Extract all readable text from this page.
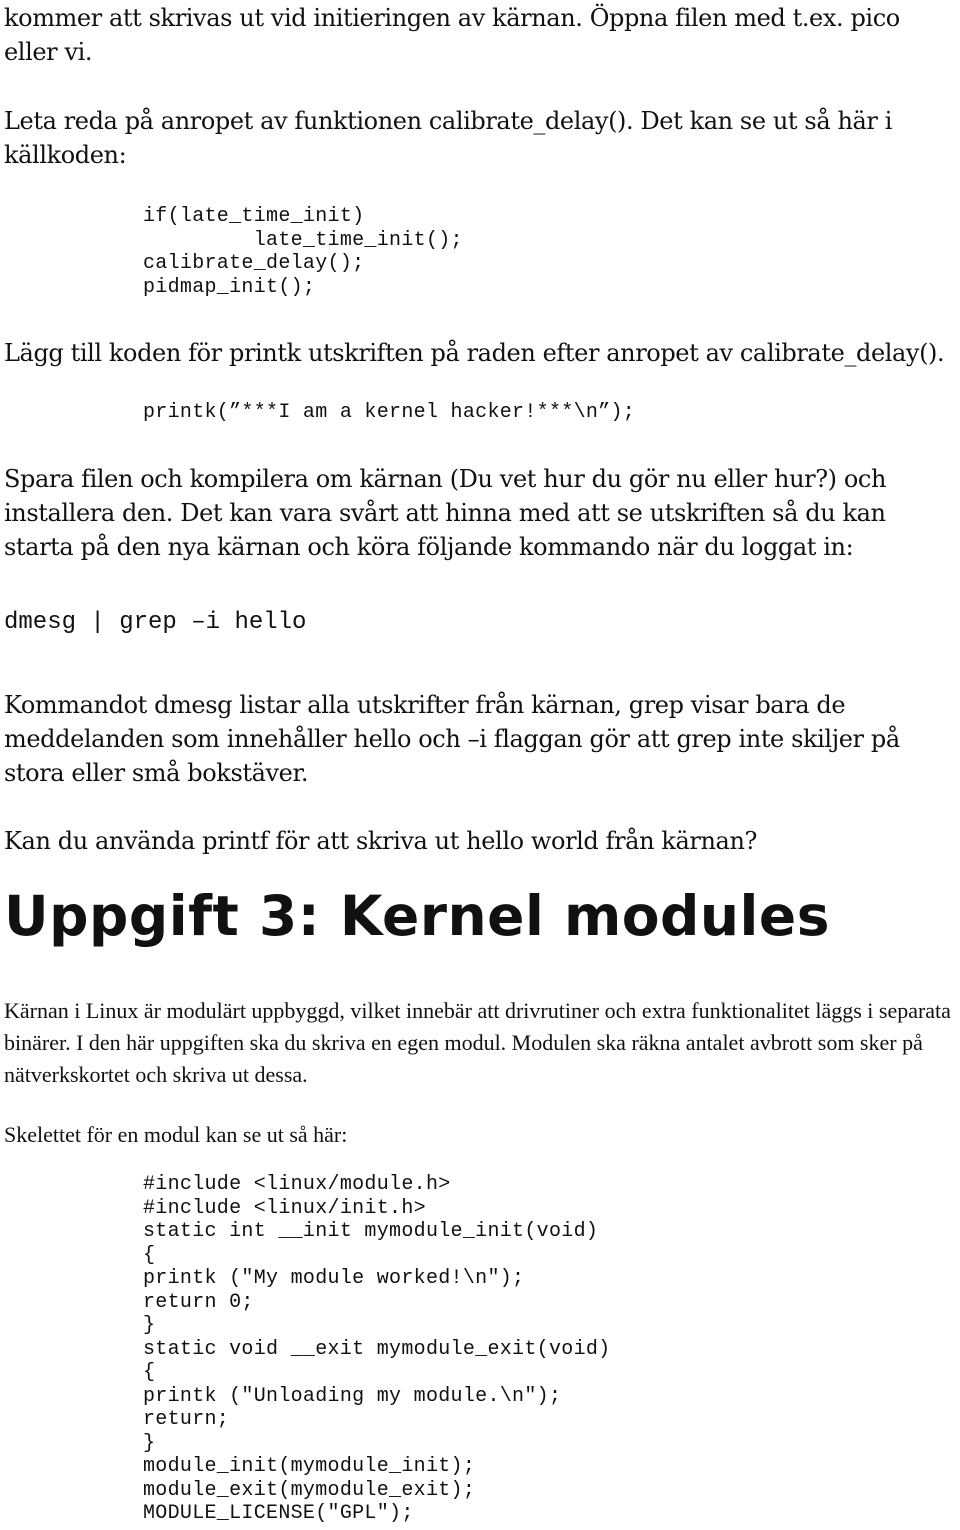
kommer att skrivas ut vid initieringen av kärnan. Öppna filen med t.ex. pico eller vi.

Leta reda på anropet av funktionen calibrate_delay(). Det kan se ut så här i källkoden:

if(late_time_init)
late_time_init();
calibrate_delay();
pidmap_init();

Lägg till koden för printk utskriften på raden efter anropet av calibrate_delay().

printk(”***I am a kernel hacker!***\n”);

Spara filen och kompilera om kärnan (Du vet hur du gör nu eller hur?) och installera den. Det kan vara svårt att hinna med att se utskriften så du kan starta på den nya kärnan och köra följande kommando när du loggat in:

dmesg | grep –i hello

Kommandot dmesg listar alla utskrifter från kärnan, grep visar bara de meddelanden som innehåller hello och –i flaggan gör att grep inte skiljer på stora eller små bokstäver.

Kan du använda printf för att skriva ut hello world från kärnan?

Uppgift 3: Kernel modules

Kärnan i Linux är modulärt uppbyggd, vilket innebär att drivrutiner och extra funktionalitet läggs i separata binärer. I den här uppgiften ska du skriva en egen modul. Modulen ska räkna antalet avbrott som sker på nätverkskortet och skriva ut dessa.

Skelettet för en modul kan se ut så här:

#include <linux/module.h>
#include <linux/init.h>
static int __init mymodule_init(void)
{
printk ("My module worked!\n");
return 0;
}
static void __exit mymodule_exit(void)
{
printk ("Unloading my module.\n");
return;
}
module_init(mymodule_init);
module_exit(mymodule_exit);
MODULE_LICENSE("GPL");
